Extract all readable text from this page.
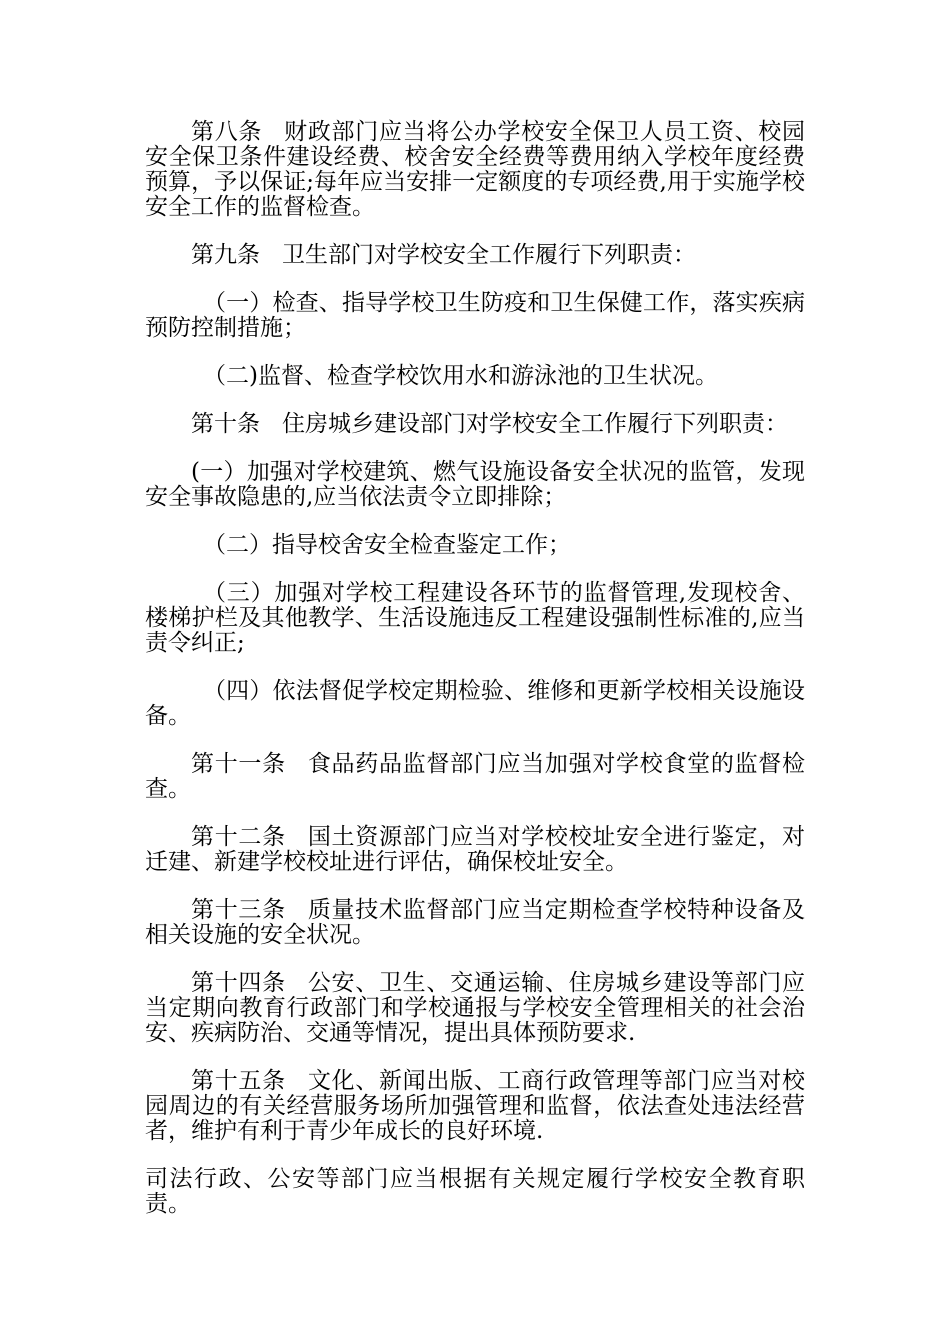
第八条 财政部门应当将公办学校安全保卫人员工资、校园安全保卫条件建设经费、校舍安全经费等费用纳入学校年度经费预算，予以保证;每年应当安排一定额度的专项经费,用于实施学校安全工作的监督检查。

第九条 卫生部门对学校安全工作履行下列职责：

（一）检查、指导学校卫生防疫和卫生保健工作，落实疾病预防控制措施；

（二)监督、检查学校饮用水和游泳池的卫生状况。

第十条 住房城乡建设部门对学校安全工作履行下列职责：

(一）加强对学校建筑、燃气设施设备安全状况的监管，发现安全事故隐患的,应当依法责令立即排除；

（二）指导校舍安全检查鉴定工作；

（三）加强对学校工程建设各环节的监督管理,发现校舍、楼梯护栏及其他教学、生活设施违反工程建设强制性标准的,应当责令纠正;

（四）依法督促学校定期检验、维修和更新学校相关设施设备。

第十一条 食品药品监督部门应当加强对学校食堂的监督检查。

第十二条 国土资源部门应当对学校校址安全进行鉴定，对迁建、新建学校校址进行评估，确保校址安全。

第十三条 质量技术监督部门应当定期检查学校特种设备及相关设施的安全状况。

第十四条 公安、卫生、交通运输、住房城乡建设等部门应当定期向教育行政部门和学校通报与学校安全管理相关的社会治安、疾病防治、交通等情况，提出具体预防要求.

第十五条 文化、新闻出版、工商行政管理等部门应当对校园周边的有关经营服务场所加强管理和监督，依法查处违法经营者，维护有利于青少年成长的良好环境.

司法行政、公安等部门应当根据有关规定履行学校安全教育职责。
